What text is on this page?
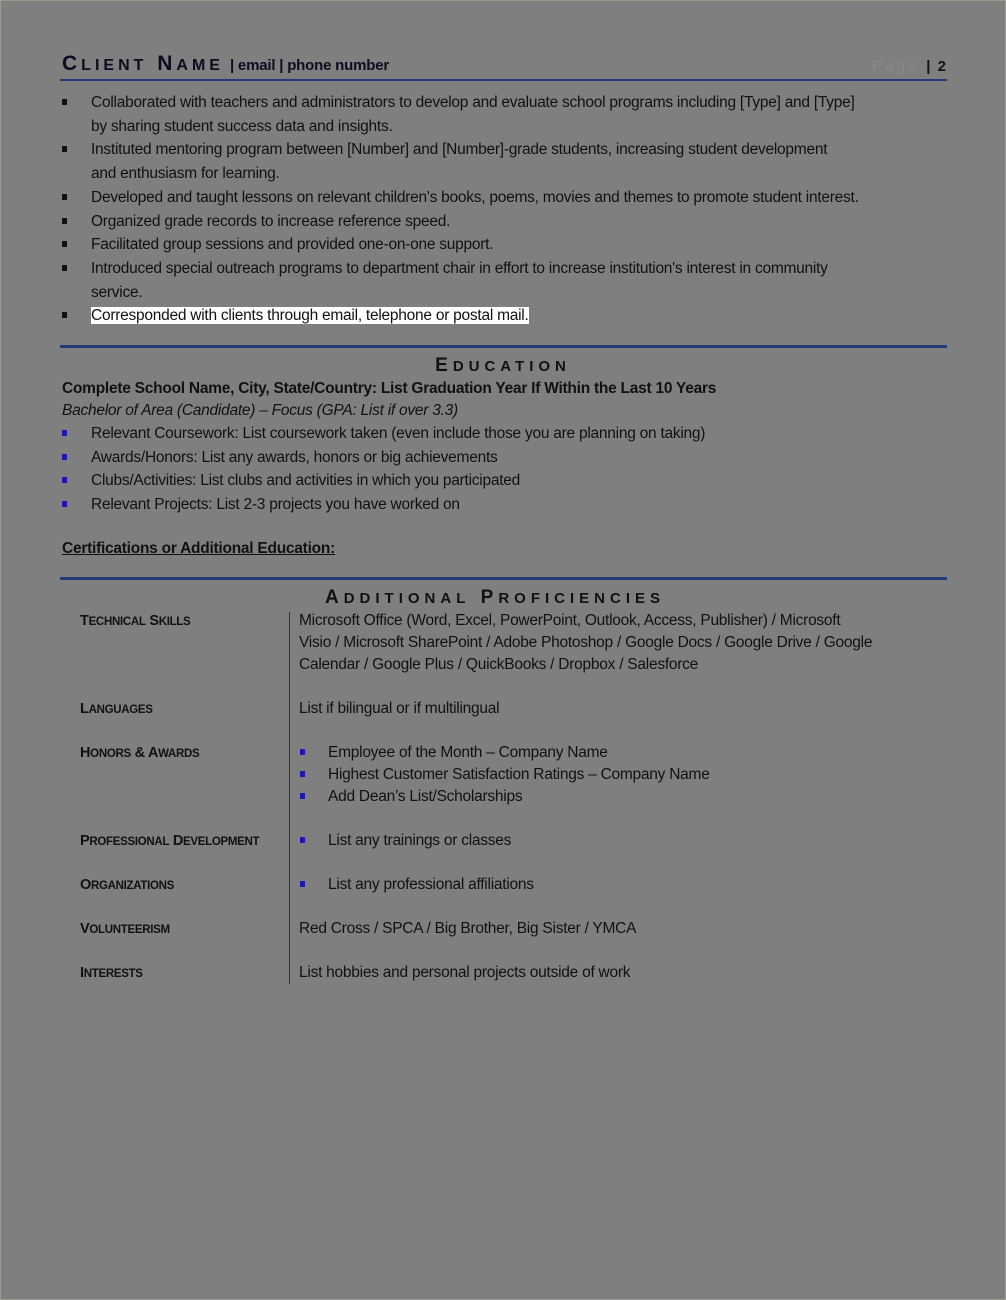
CLIENT NAME | email | phone number	Page | 2
Collaborated with teachers and administrators to develop and evaluate school programs including [Type] and [Type]
by sharing student success data and insights.
Instituted mentoring program between [Number] and [Number]-grade students, increasing student development
and enthusiasm for learning.
Developed and taught lessons on relevant children's books, poems, movies and themes to promote student interest.
Organized grade records to increase reference speed.
Facilitated group sessions and provided one-on-one support.
Introduced special outreach programs to department chair in effort to increase institution's interest in community
service.
Corresponded with clients through email, telephone or postal mail.
EDUCATION
Complete School Name, City, State/Country: List Graduation Year If Within the Last 10 Years
Bachelor of Area (Candidate) – Focus (GPA: List if over 3.3)
Relevant Coursework: List coursework taken (even include those you are planning on taking)
Awards/Honors: List any awards, honors or big achievements
Clubs/Activities: List clubs and activities in which you participated
Relevant Projects: List 2-3 projects you have worked on
Certifications or Additional Education:
ADDITIONAL PROFICIENCIES
TECHNICAL SKILLS	Microsoft Office (Word, Excel, PowerPoint, Outlook, Access, Publisher) / Microsoft
Visio / Microsoft SharePoint / Adobe Photoshop / Google Docs / Google Drive / Google
Calendar / Google Plus / QuickBooks / Dropbox / Salesforce
LANGUAGES	List if bilingual or if multilingual
HONORS & AWARDS	Employee of the Month – Company Name
Highest Customer Satisfaction Ratings – Company Name
Add Dean’s List/Scholarships
PROFESSIONAL DEVELOPMENT	List any trainings or classes
ORGANIZATIONS	List any professional affiliations
VOLUNTEERISM	Red Cross / SPCA / Big Brother, Big Sister / YMCA
INTERESTS	List hobbies and personal projects outside of work
